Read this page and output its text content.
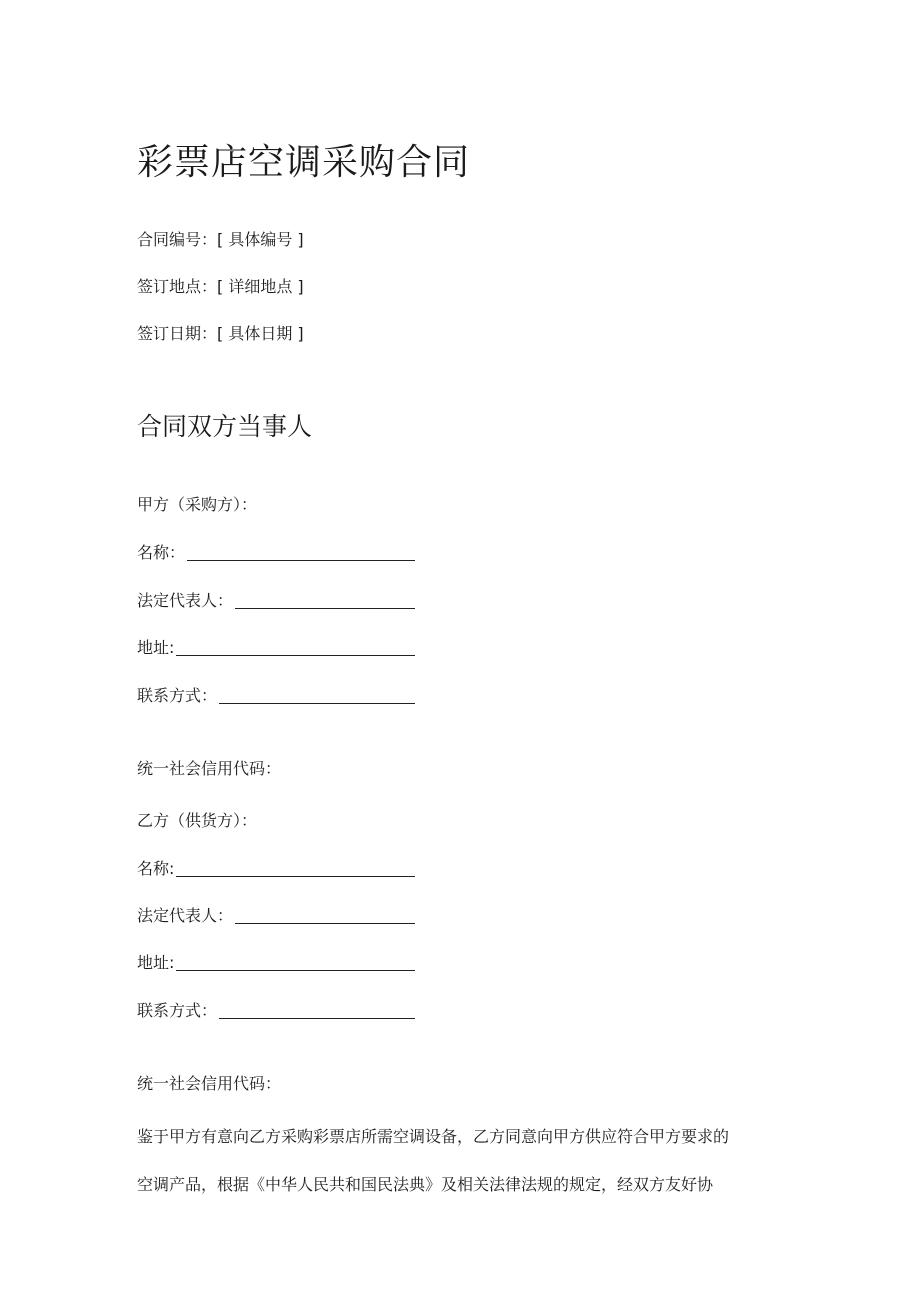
彩票店空调采购合同
合同编号：[ 具体编号 ]
签订地点：[ 详细地点 ]
签订日期：[ 具体日期 ]
合同双方当事人
甲方（采购方）：
名称：
法定代表人：
地址:
联系方式：
统一社会信用代码：
乙方（供货方）：
名称:
法定代表人：
地址:
联系方式：
统一社会信用代码：
鉴于甲方有意向乙方采购彩票店所需空调设备，乙方同意向甲方供应符合甲方要求的
空调产品，根据《中华人民共和国民法典》及相关法律法规的规定，经双方友好协
